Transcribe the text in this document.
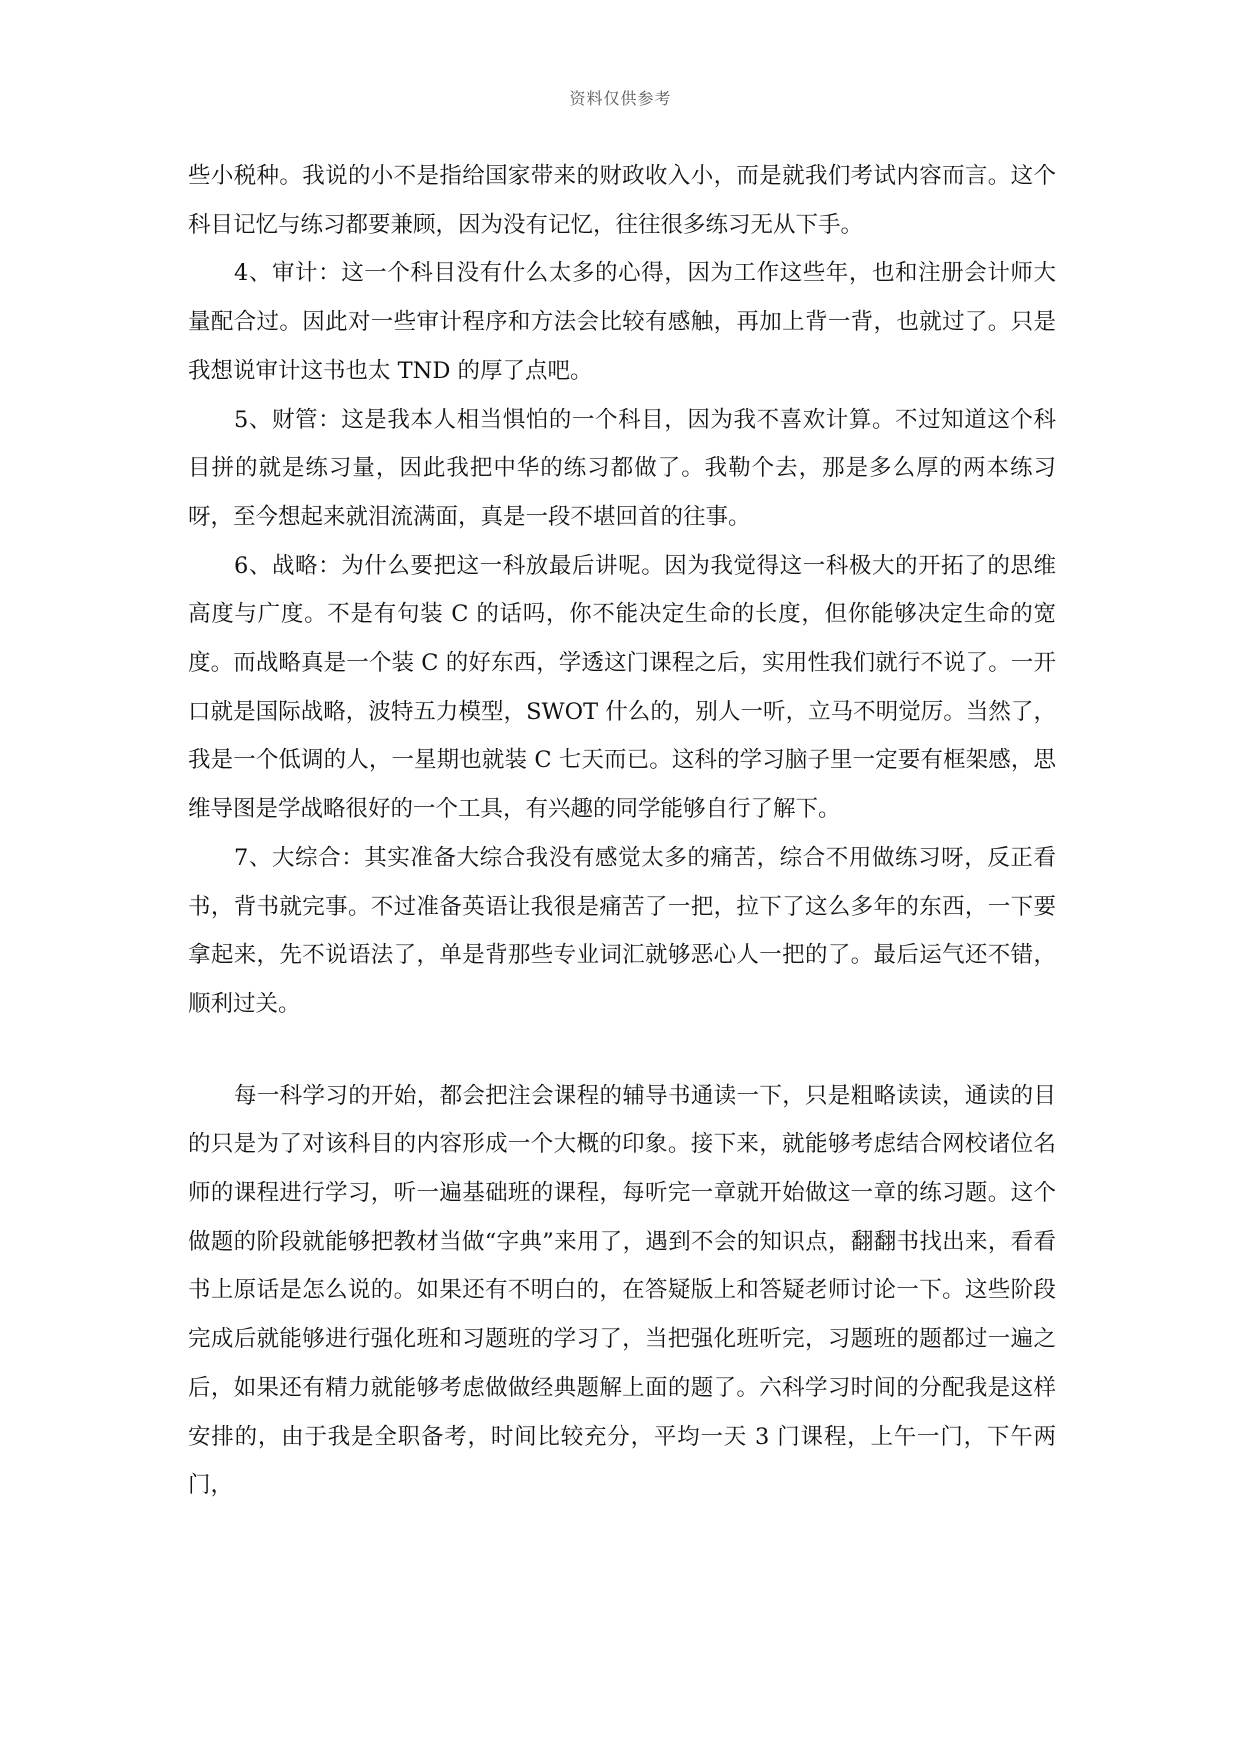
资料仅供参考

些小税种。我说的小不是指给国家带来的财政收入小，而是就我们考试内容而言。这个科目记忆与练习都要兼顾，因为没有记忆，往往很多练习无从下手。

4、审计：这一个科目没有什么太多的心得，因为工作这些年，也和注册会计师大量配合过。因此对一些审计程序和方法会比较有感触，再加上背一背，也就过了。只是我想说审计这书也太 TND 的厚了点吧。

5、财管：这是我本人相当惧怕的一个科目，因为我不喜欢计算。不过知道这个科目拼的就是练习量，因此我把中华的练习都做了。我勒个去，那是多么厚的两本练习呀，至今想起来就泪流满面，真是一段不堪回首的往事。

6、战略：为什么要把这一科放最后讲呢。因为我觉得这一科极大的开拓了的思维高度与广度。不是有句装 C 的话吗，你不能决定生命的长度，但你能够决定生命的宽度。而战略真是一个装 C 的好东西，学透这门课程之后，实用性我们就行不说了。一开口就是国际战略，波特五力模型，SWOT 什么的，别人一听，立马不明觉厉。当然了，我是一个低调的人，一星期也就装 C 七天而已。这科的学习脑子里一定要有框架感，思维导图是学战略很好的一个工具，有兴趣的同学能够自行了解下。

7、大综合：其实准备大综合我没有感觉太多的痛苦，综合不用做练习呀，反正看书，背书就完事。不过准备英语让我很是痛苦了一把，拉下了这么多年的东西，一下要拿起来，先不说语法了，单是背那些专业词汇就够恶心人一把的了。最后运气还不错，顺利过关。

每一科学习的开始，都会把注会课程的辅导书通读一下，只是粗略读读，通读的目的只是为了对该科目的内容形成一个大概的印象。接下来，就能够考虑结合网校诸位名师的课程进行学习，听一遍基础班的课程，每听完一章就开始做这一章的练习题。这个做题的阶段就能够把教材当做“字典”来用了，遇到不会的知识点，翻翻书找出来，看看书上原话是怎么说的。如果还有不明白的，在答疑版上和答疑老师讨论一下。这些阶段完成后就能够进行强化班和习题班的学习了，当把强化班听完，习题班的题都过一遍之后，如果还有精力就能够考虑做做经典题解上面的题了。六科学习时间的分配我是这样安排的，由于我是全职备考，时间比较充分，平均一天 3 门课程，上午一门，下午两门，
